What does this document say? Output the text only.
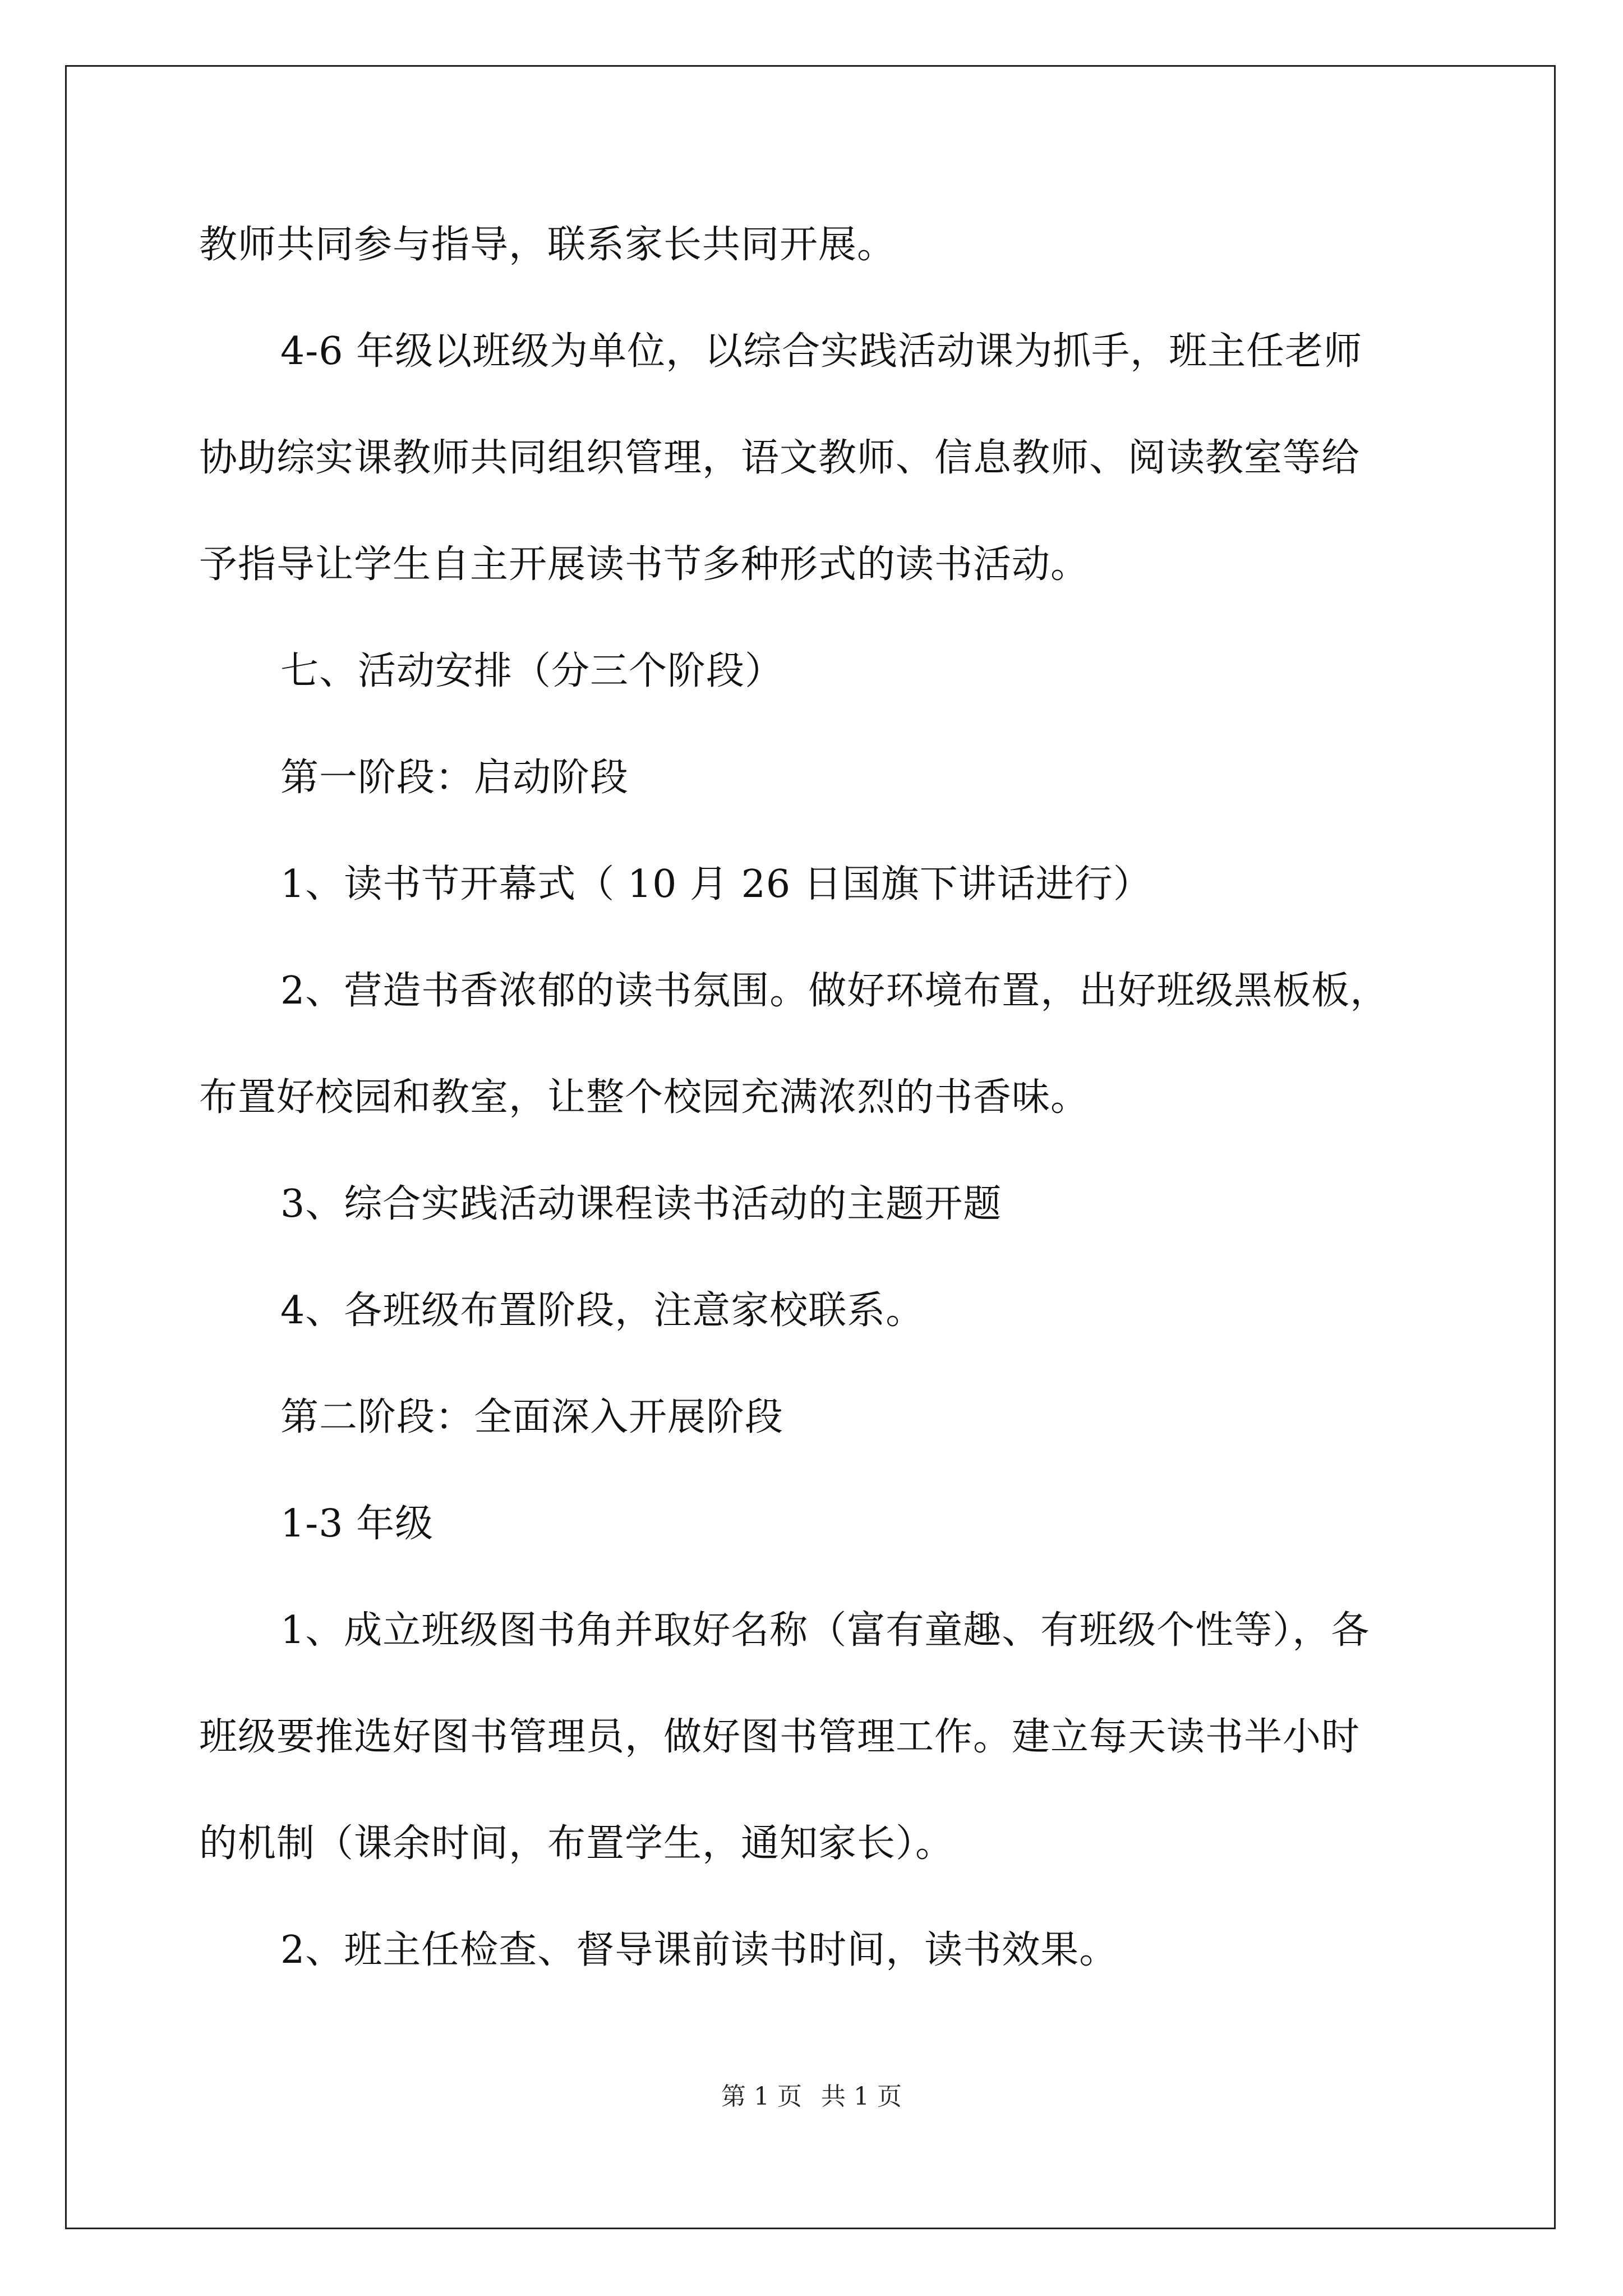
教师共同参与指导，联系家长共同开展。
4-6 年级以班级为单位，以综合实践活动课为抓手，班主任老师
协助综实课教师共同组织管理，语文教师、信息教师、阅读教室等给
予指导让学生自主开展读书节多种形式的读书活动。
七、活动安排（分三个阶段）
第一阶段：启动阶段
1、读书节开幕式（ 10 月 26 日国旗下讲话进行）
2、营造书香浓郁的读书氛围。做好环境布置，出好班级黑板板，
布置好校园和教室，让整个校园充满浓烈的书香味。
3、综合实践活动课程读书活动的主题开题
4、各班级布置阶段，注意家校联系。
第二阶段：全面深入开展阶段
1-3 年级
1、成立班级图书角并取好名称（富有童趣、有班级个性等），各
班级要推选好图书管理员，做好图书管理工作。建立每天读书半小时
的机制（课余时间，布置学生，通知家长）。
2、班主任检查、督导课前读书时间，读书效果。
第 1 页 共 1 页
